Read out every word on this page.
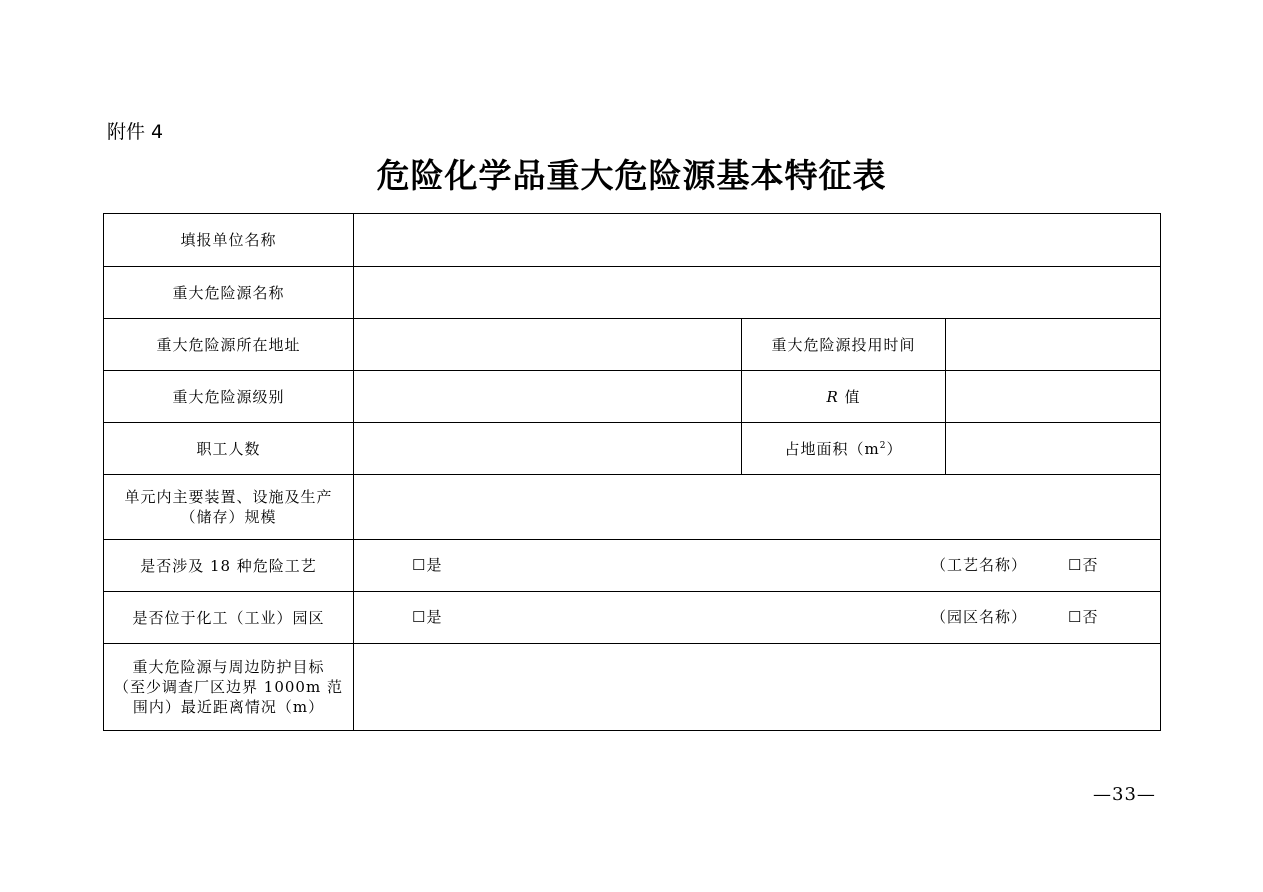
附件 4
危险化学品重大危险源基本特征表
填报单位名称			
重大危险源名称			
重大危险源所在地址		重大危险源投用时间	
重大危险源级别		R 值	
职工人数		占地面积$(m^2)$	

单元内主要装置、设施及生产
（储存）规模			

是否涉及 18 种危险工艺	☐是 （工艺名称） ☐否		

是否位于化工（工业）园区	☐是 （园区名称） ☐否		

重大危险源与周边防护目标
（至少调查厂区边界 1000m 范
围内）最近距离情况（m）			

—33—
